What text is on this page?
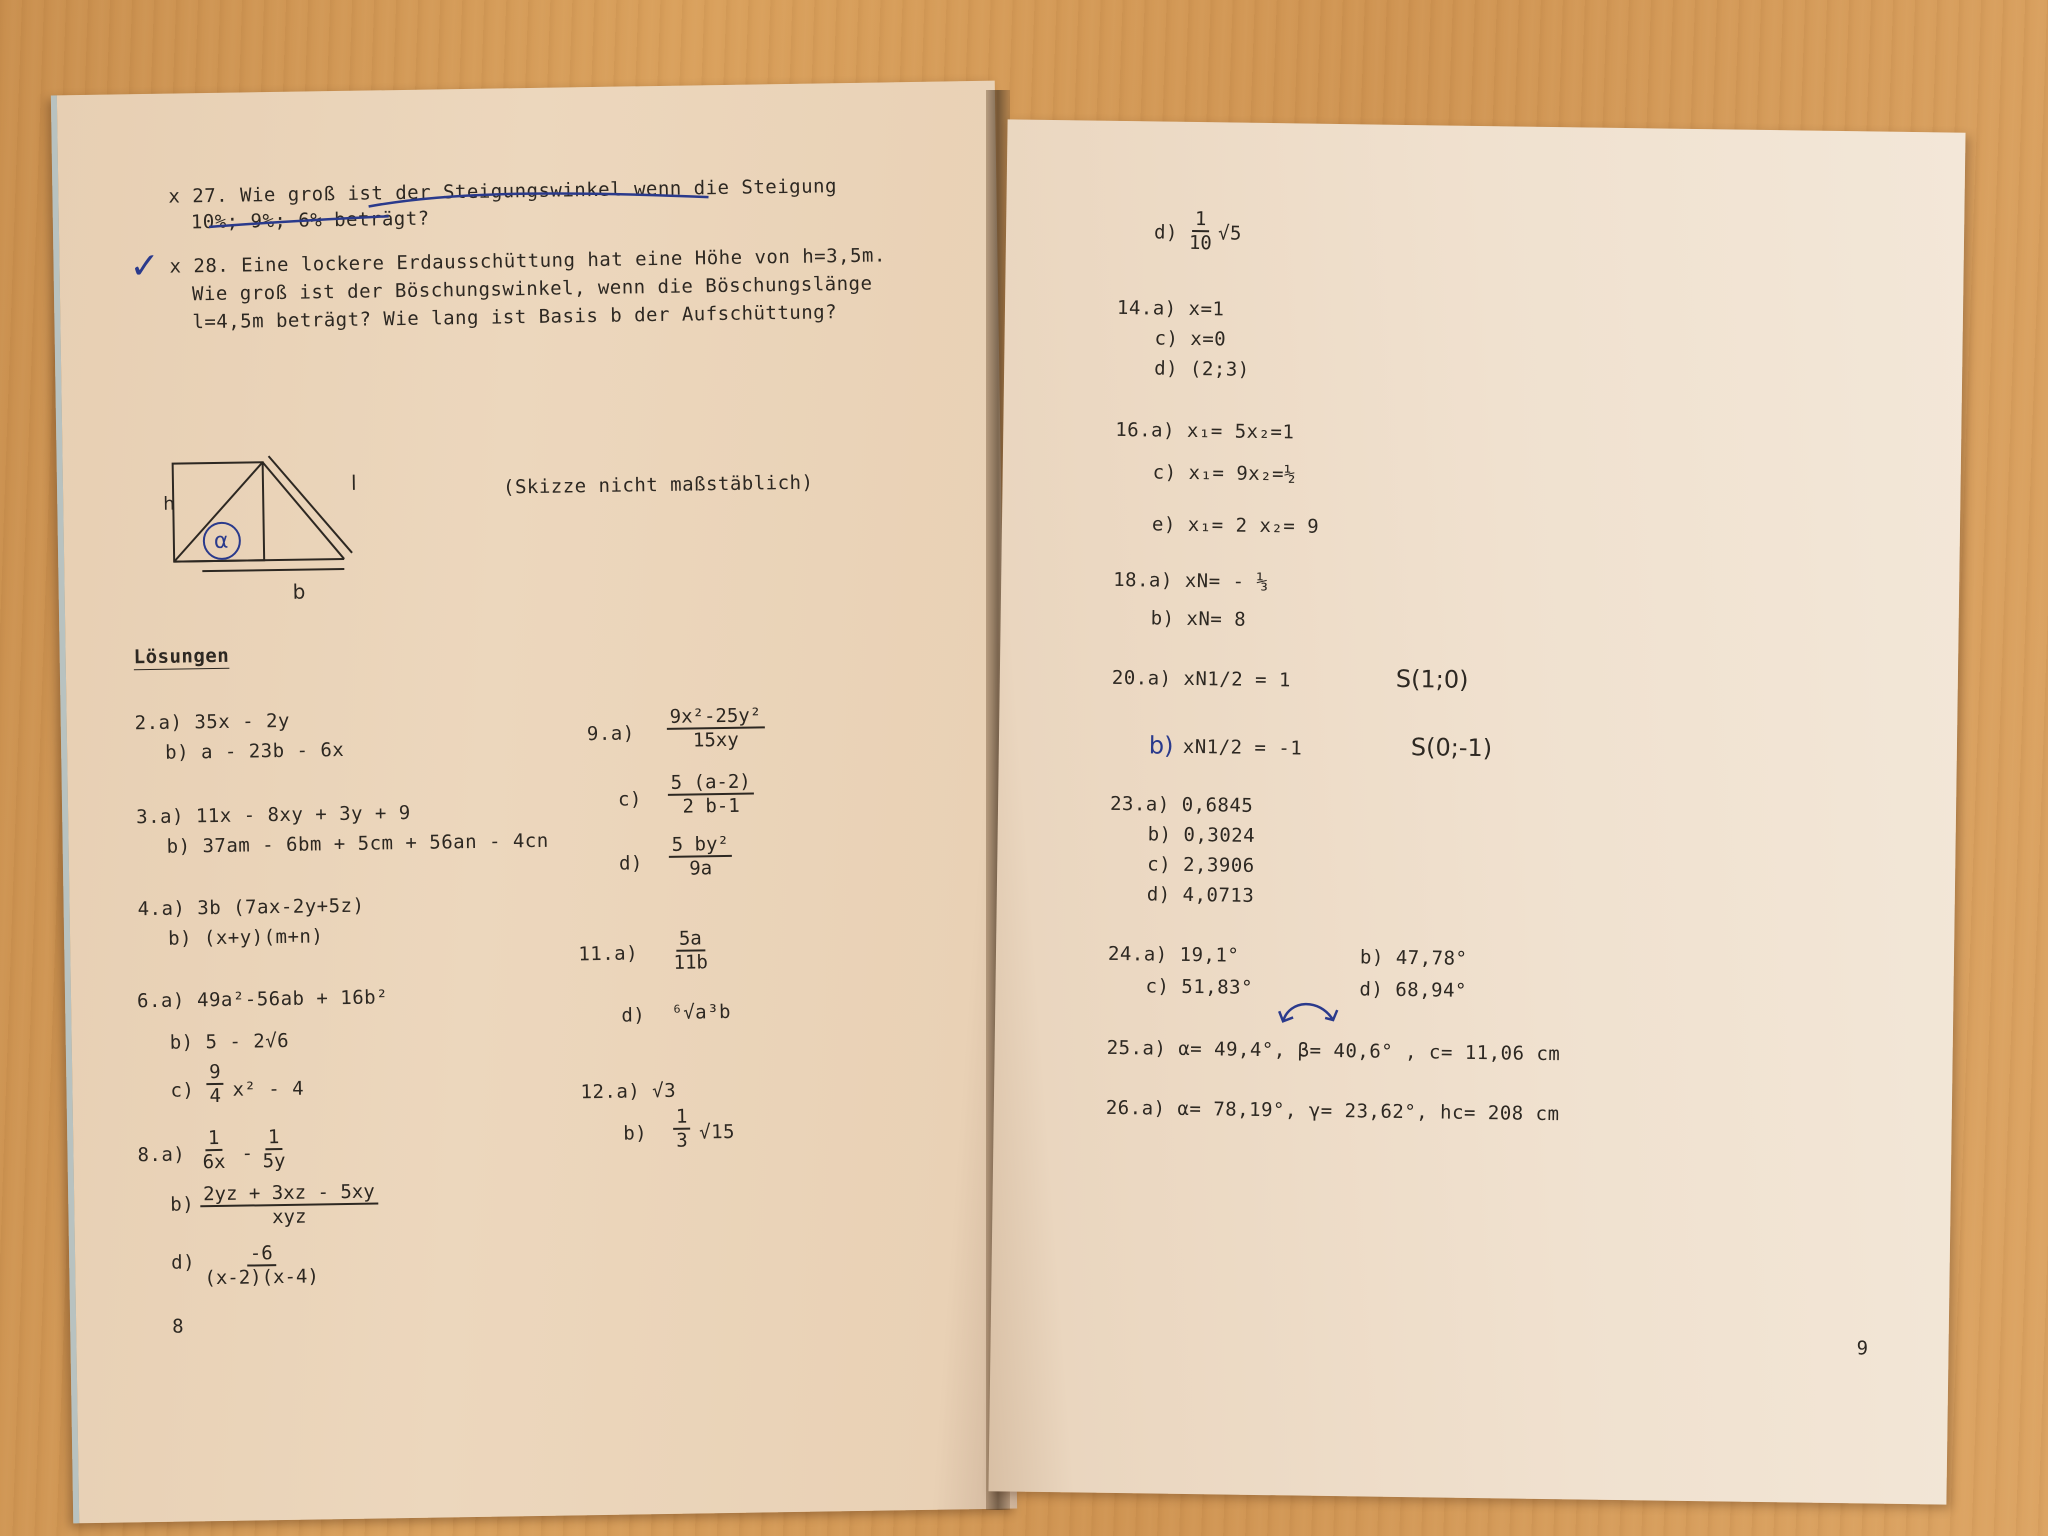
x 27. Wie groß ist der Steigungswinkel wenn die Steigung
10%; 9%; 6% beträgt?
✓ x 28. Eine lockere Erdausschüttung hat eine Höhe von h=3,5m.
Wie groß ist der Böschungswinkel, wenn die Böschungslänge
l=4,5m beträgt? Wie lang ist Basis b der Aufschüttung?
h
l
b
α
(Skizze nicht maßstäblich)
Lösungen
2.a) 35x - 2y
b) a - 23b - 6x
3.a) 11x - 8xy + 3y + 9
b) 37am - 6bm + 5cm + 56an - 4cn
4.a) 3b (7ax-2y+5z)
b) (x+y)(m+n)
6.a) 49a²-56ab + 16b²
b) 5 - 2√6
$c) \frac{9}{4} x^2 - 4$
$8.a) \frac{1}{6x} - \frac{1}{5y}$
b) 2yz + 3xz - 5xy
xyz
$d) \frac{-6}{(x-2)(x-4)}$
$9.a) \frac{\text{9x²-25y²}}{15xy}$
$c) \frac{5 (a-2)}{2 b-1}$
$d) \frac{\text{5 by²}}{9a}$
$11.a) \frac{5a}{11b}$
d) ⁶√a³b
12.a) √3
$b) \frac{1}{3} √15$
8
$d) \frac{1}{10} √5$
14.a) x=1
c) x=0
d) (2;3)
16.a) x₁= 5x₂=1
c) x₁= 9x₂=½
e) x₁= 2 x₂= 9
18.a) xN= - ⅓
b) xN= 8
20.a) xN1/2 = 1	S(1;0)
b) xN1/2 = -1	S(0;-1)
23.a) 0,6845
b) 0,3024
c) 2,3906
d) 4,0713
24.a) 19,1°	b) 47,78°
c) 51,83°	d) 68,94°
25.a) α= 49,4°, β= 40,6° , c= 11,06 cm
26.a) α= 78,19°, γ= 23,62°, hc= 208 cm
9
